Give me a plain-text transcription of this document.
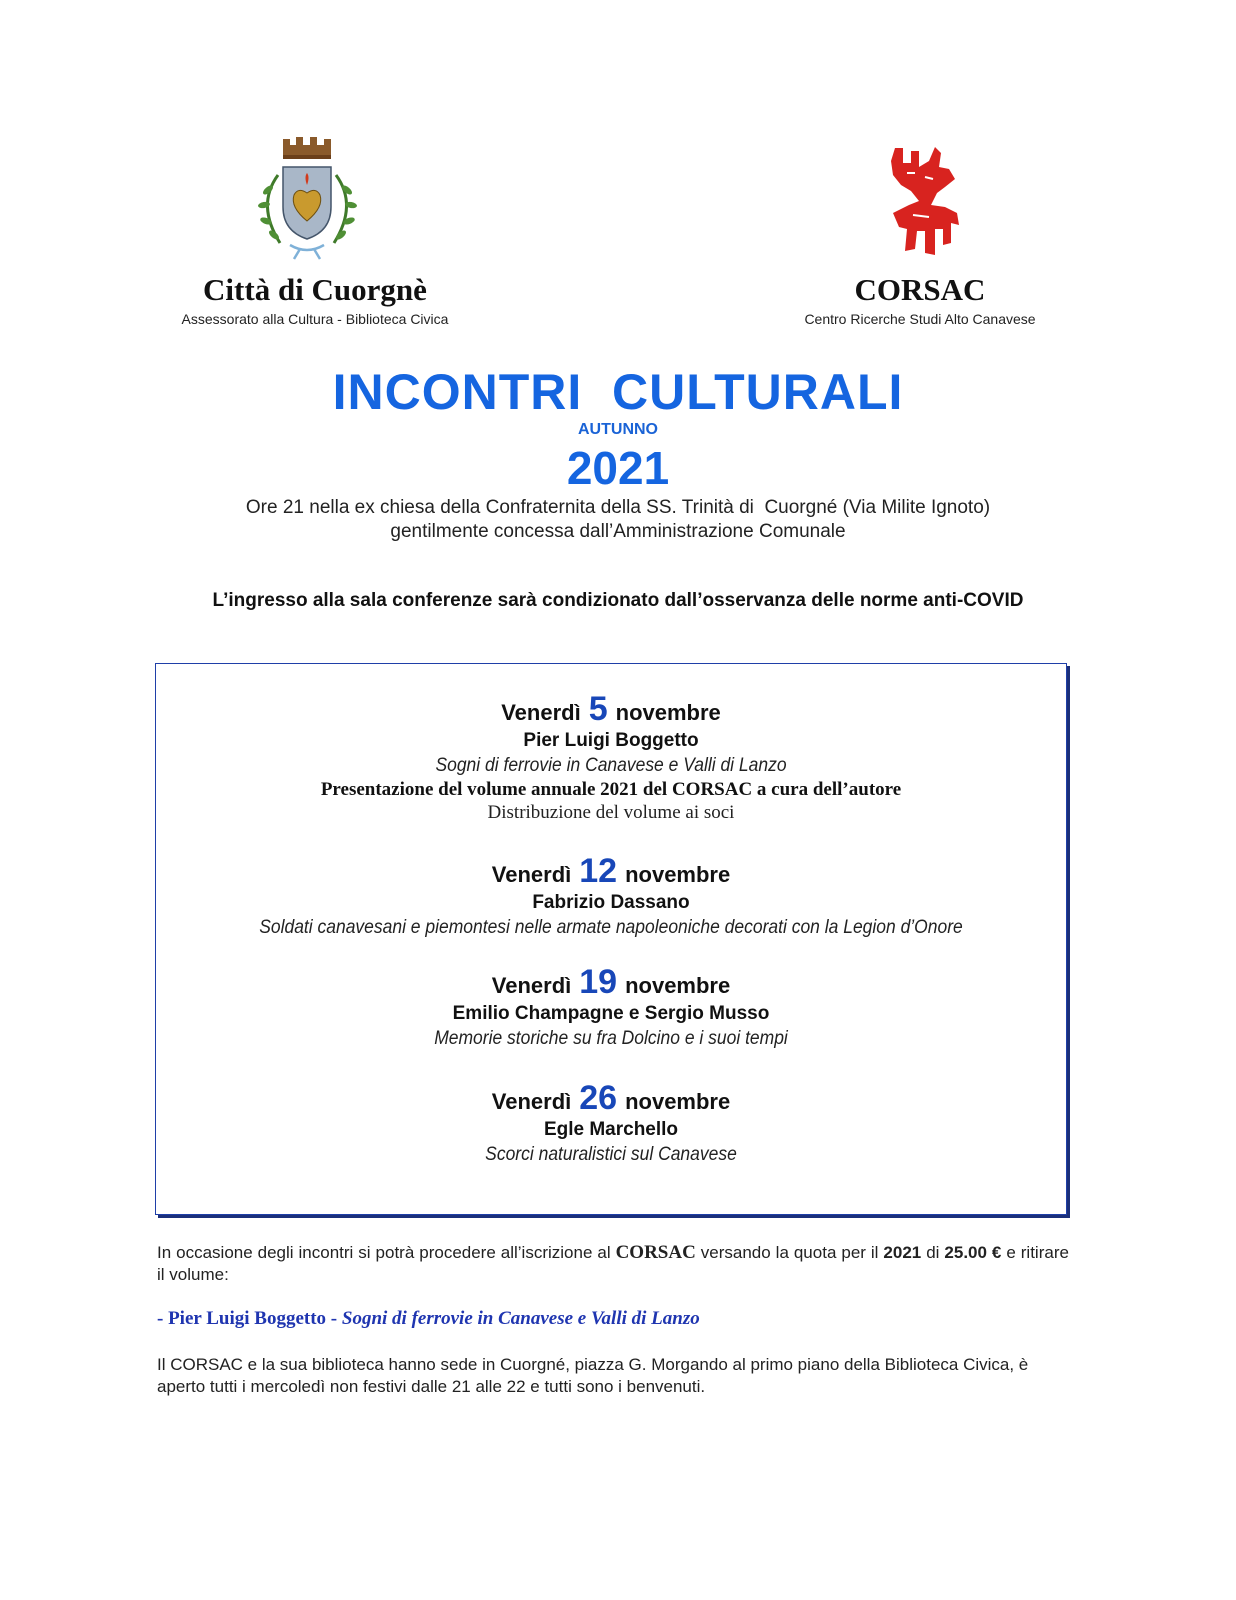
Città di Cuorgnè
Assessorato alla Cultura - Biblioteca Civica
CORSAC
Centro Ricerche Studi Alto Canavese
INCONTRI  CULTURALI
AUTUNNO
2021
Ore 21 nella ex chiesa della Confraternita della SS. Trinità di  Cuorgné (Via Milite Ignoto)
gentilmente concessa dall’Amministrazione Comunale
L’ingresso alla sala conferenze sarà condizionato dall’osservanza delle norme anti-COVID
Venerdì 5 novembre
Pier Luigi Boggetto
Sogni di ferrovie in Canavese e Valli di Lanzo
Presentazione del volume annuale 2021 del CORSAC a cura dell’autore
Distribuzione del volume ai soci
Venerdì 12 novembre
Fabrizio Dassano
Soldati canavesani e piemontesi nelle armate napoleoniche decorati con la Legion d’Onore
Venerdì 19 novembre
Emilio Champagne e Sergio Musso
Memorie storiche su fra Dolcino e i suoi tempi
Venerdì 26 novembre
Egle Marchello
Scorci naturalistici sul Canavese
In occasione degli incontri si potrà procedere all’iscrizione al CORSAC versando la quota per il 2021 di 25.00 € e ritirare il volume:
- Pier Luigi Boggetto - Sogni di ferrovie in Canavese e Valli di Lanzo
Il CORSAC e la sua biblioteca hanno sede in Cuorgné, piazza G. Morgando al primo piano della Biblioteca Civica, è aperto tutti i mercoledì non festivi dalle 21 alle 22 e tutti sono i benvenuti.
